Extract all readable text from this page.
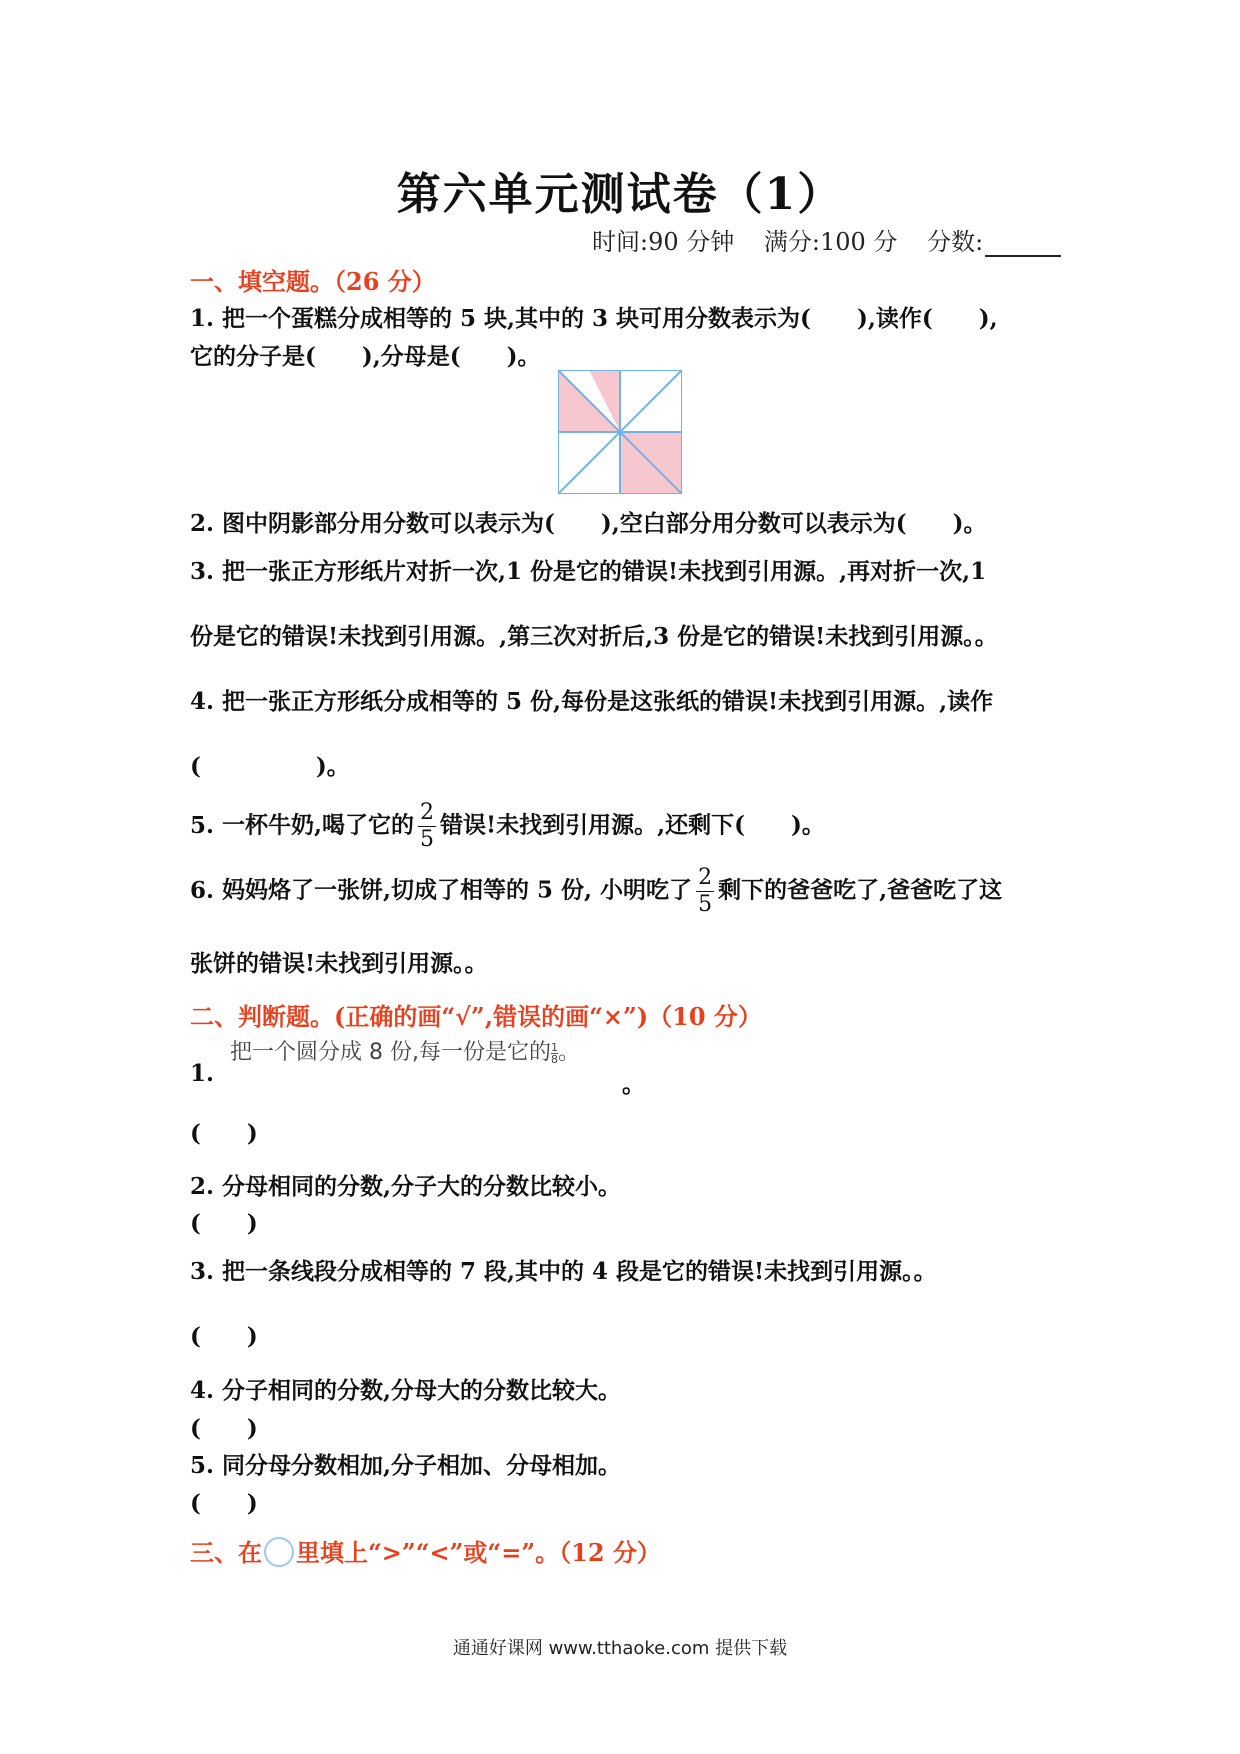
第六单元测试卷（1）
时间:90 分钟 满分:100 分 分数:
一、填空题。（26 分）
1. 把一个蛋糕分成相等的 5 块,其中的 3 块可用分数表示为(　　),读作(　　),
它的分子是(　　),分母是(　　)。
2. 图中阴影部分用分数可以表示为(　　),空白部分用分数可以表示为(　　)。
3. 把一张正方形纸片对折一次,1 份是它的错误!未找到引用源。,再对折一次,1
份是它的错误!未找到引用源。,第三次对折后,3 份是它的错误!未找到引用源。。
4. 把一张正方形纸分成相等的 5 份,每份是这张纸的错误!未找到引用源。,读作
(　　　　　)。
5. 一杯牛奶,喝了它的 $\frac{2}{5}$ 错误!未找到引用源。,还剩下(　　)。
6. 妈妈烙了一张饼,切成了相等的 5 份, 小明吃了 $\frac{2}{5}$ 剩下的爸爸吃了,爸爸吃了这
张饼的错误!未找到引用源。。
二、判断题。(正确的画“√”,错误的画“×”)（10 分）
把一个圆分成 8 份,每一份是它的 $\frac{1}{8}$。
1.	。
(　　)
2. 分母相同的分数,分子大的分数比较小。
(　　)
3. 把一条线段分成相等的 7 段,其中的 4 段是它的错误!未找到引用源。。
(　　)
4. 分子相同的分数,分母大的分数比较大。
(　　)
5. 同分母分数相加,分子相加、分母相加。
(　　)
三、在 里填上“>”“<”或“=”。（12 分）
通通好课网 www.tthaoke.com 提供下载
